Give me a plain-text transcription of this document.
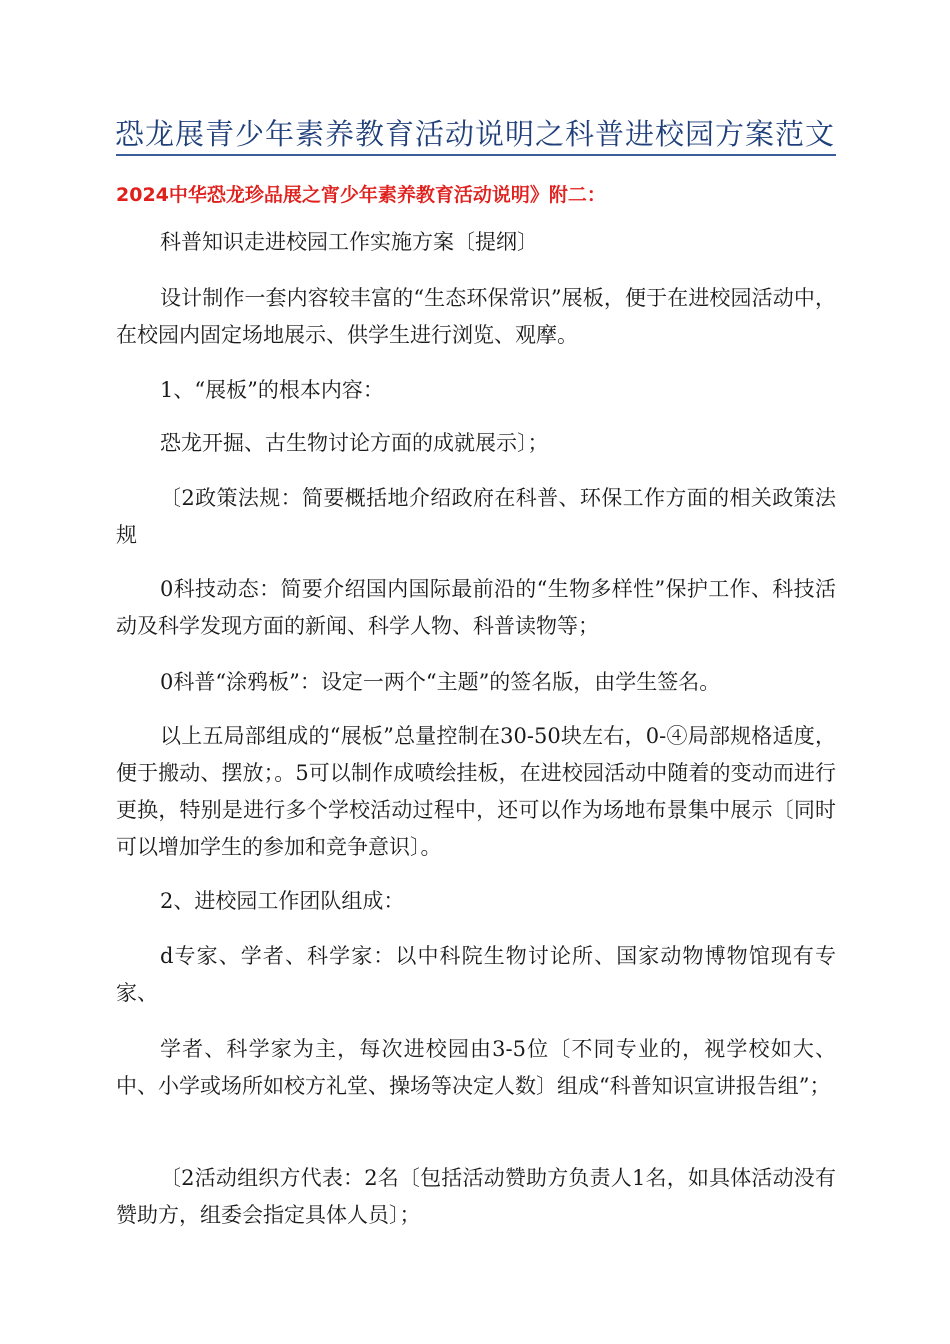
恐龙展青少年素养教育活动说明之科普进校园方案范文
2024中华恐龙珍品展之宵少年素养教育活动说明》附二：

科普知识走进校园工作实施方案〔提纲〕

设计制作一套内容较丰富的“生态环保常识”展板，便于在进校园活动中，在校园内固定场地展示、供学生进行浏览、观摩。

1、“展板”的根本内容：

恐龙开掘、古生物讨论方面的成就展示〕；

〔2政策法规：简要概括地介绍政府在科普、环保工作方面的相关政策法规

0科技动态：简要介绍国内国际最前沿的“生物多样性”保护工作、科技活动及科学发现方面的新闻、科学人物、科普读物等；

0科普“涂鸦板”：设定一两个“主题”的签名版，由学生签名。

以上五局部组成的“展板”总量控制在30-50块左右，0-④局部规格适度，便于搬动、摆放；。5可以制作成喷绘挂板，在进校园活动中随着的变动而进行更换，特别是进行多个学校活动过程中，还可以作为场地布景集中展示〔同时可以增加学生的参加和竞争意识〕。

2、进校园工作团队组成：

d专家、学者、科学家：以中科院生物讨论所、国家动物博物馆现有专家、

学者、科学家为主，每次进校园由3-5位〔不同专业的，视学校如大、中、小学或场所如校方礼堂、操场等决定人数〕组成“科普知识宣讲报告组”；

〔2活动组织方代表：2名〔包括活动赞助方负责人1名，如具体活动没有赞助方，组委会指定具体人员〕；
